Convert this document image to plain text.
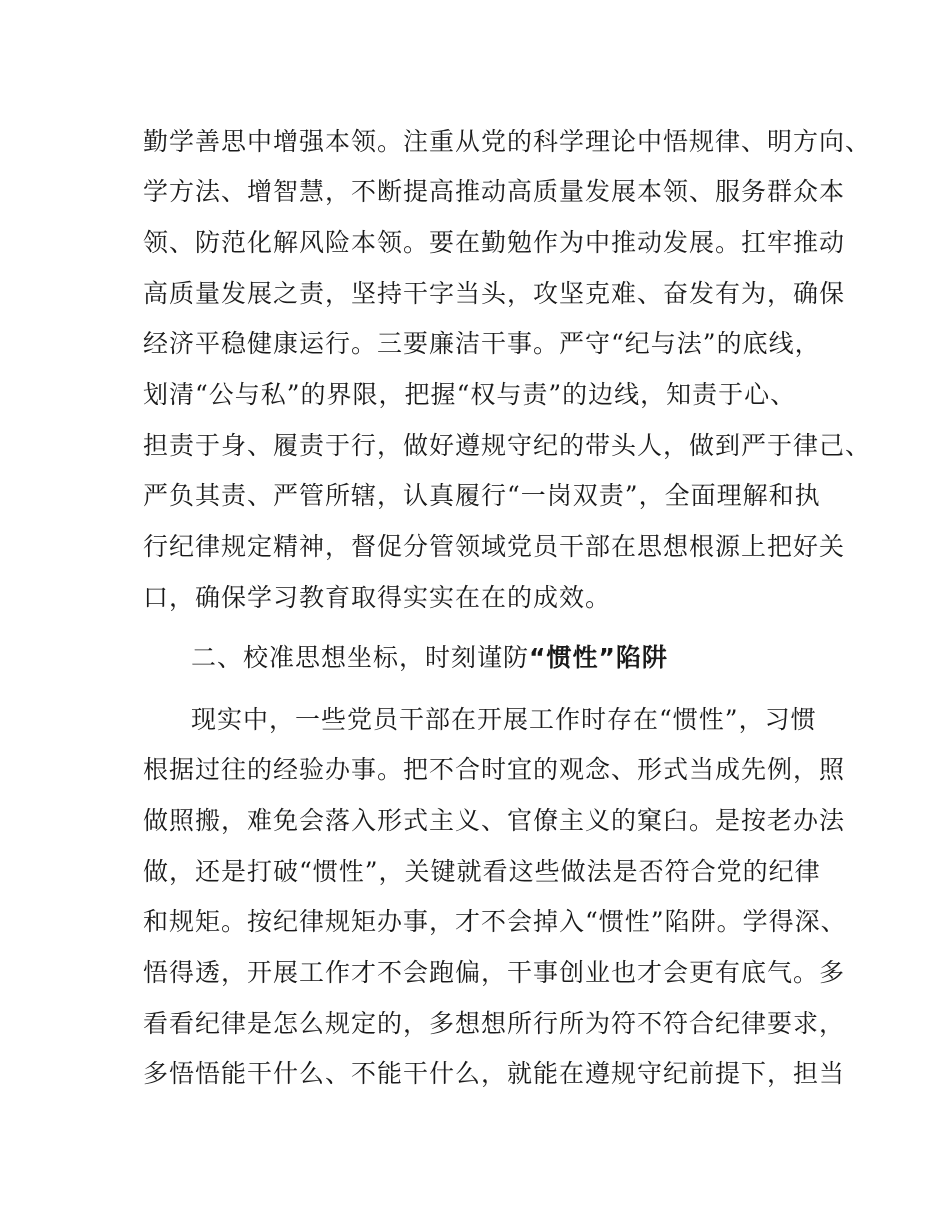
勤学善思中增强本领。注重从党的科学理论中悟规律、明方向、
学方法、增智慧，不断提高推动高质量发展本领、服务群众本
领、防范化解风险本领。要在勤勉作为中推动发展。扛牢推动
高质量发展之责，坚持干字当头，攻坚克难、奋发有为，确保
经济平稳健康运行。三要廉洁干事。严守“纪与法”的底线，
划清“公与私”的界限，把握“权与责”的边线，知责于心、
担责于身、履责于行，做好遵规守纪的带头人，做到严于律己、
严负其责、严管所辖，认真履行“一岗双责”，全面理解和执
行纪律规定精神，督促分管领域党员干部在思想根源上把好关
口，确保学习教育取得实实在在的成效。
二、校准思想坐标，时刻谨防“惯性”陷阱
现实中，一些党员干部在开展工作时存在“惯性”，习惯
根据过往的经验办事。把不合时宜的观念、形式当成先例，照
做照搬，难免会落入形式主义、官僚主义的窠臼。是按老办法
做，还是打破“惯性”，关键就看这些做法是否符合党的纪律
和规矩。按纪律规矩办事，才不会掉入“惯性”陷阱。学得深、
悟得透，开展工作才不会跑偏，干事创业也才会更有底气。多
看看纪律是怎么规定的，多想想所行所为符不符合纪律要求，
多悟悟能干什么、不能干什么，就能在遵规守纪前提下，担当
